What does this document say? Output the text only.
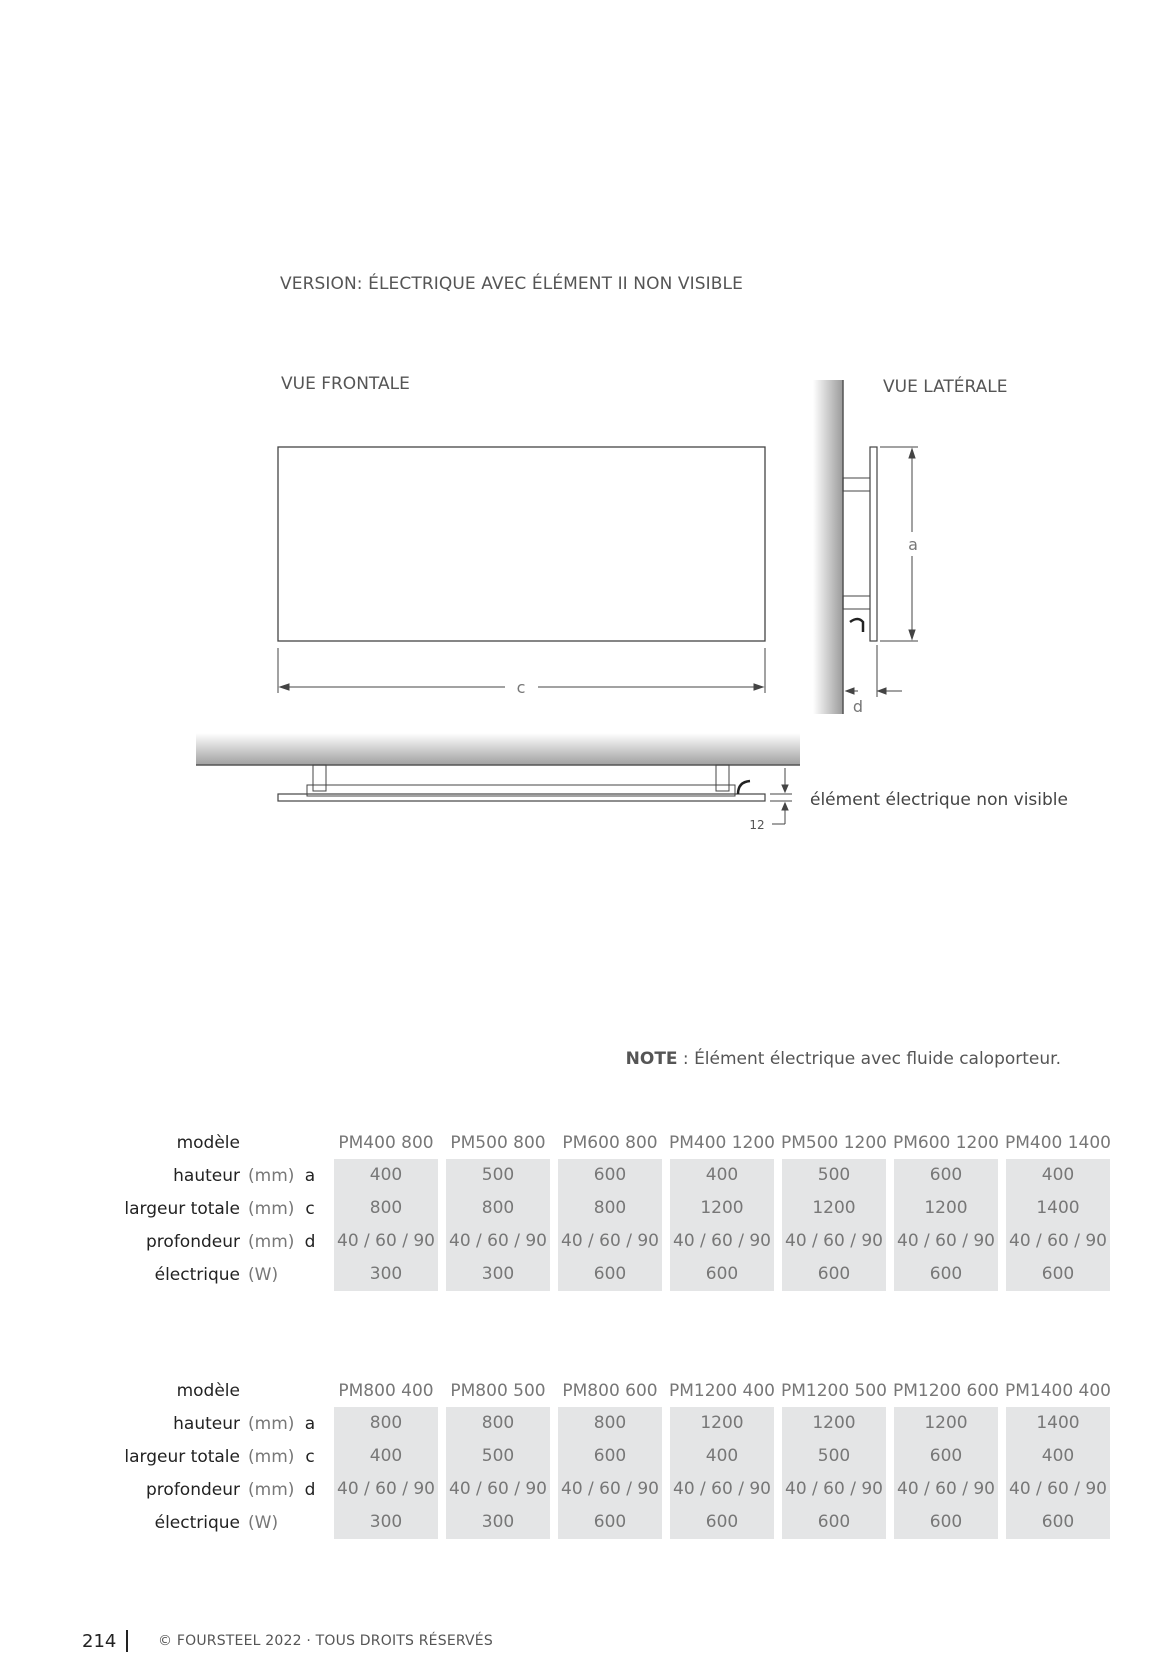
VERSION: ÉLECTRIQUE AVEC ÉLÉMENT II NON VISIBLE
VUE FRONTALE	VUE LATÉRALE
c
a
d
12
élément électrique non visible
NOTE : Élément électrique avec fluide caloporteur.
modèle			PM400 800	PM500 800	PM600 800	PM400 1200	PM500 1200	PM600 1200	PM400 1400
hauteur	(mm)	a	400	500	600	400	500	600	400

largeur totale	(mm)	c	800	800	800	1200	1200	1200	1400

profondeur	(mm)	d	40 / 60 / 90	40 / 60 / 90	40 / 60 / 90	40 / 60 / 90	40 / 60 / 90	40 / 60 / 90	40 / 60 / 90

électrique	(W)		300	300	600	600	600	600	600
modèle			PM800 400	PM800 500	PM800 600	PM1200 400	PM1200 500	PM1200 600	PM1400 400
hauteur	(mm)	a	800	800	800	1200	1200	1200	1400

largeur totale	(mm)	c	400	500	600	400	500	600	400

profondeur	(mm)	d	40 / 60 / 90	40 / 60 / 90	40 / 60 / 90	40 / 60 / 90	40 / 60 / 90	40 / 60 / 90	40 / 60 / 90

électrique	(W)		300	300	600	600	600	600	600
214	© FOURSTEEL 2022 · TOUS DROITS RÉSERVÉS
